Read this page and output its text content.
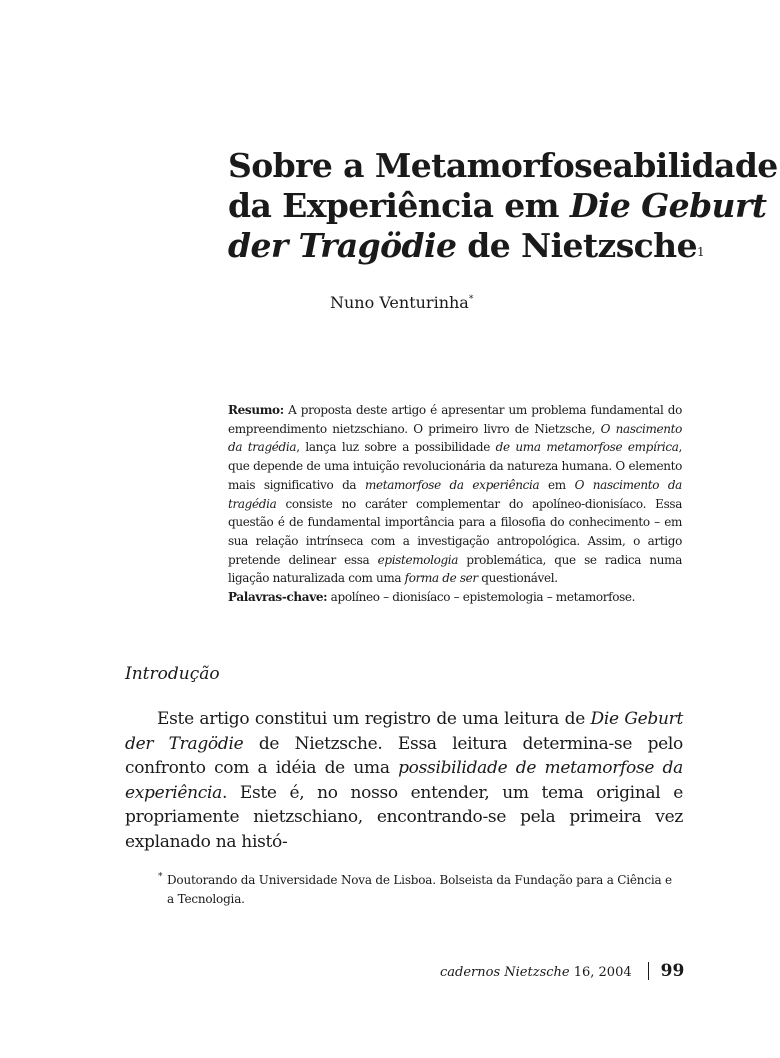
Sobre a Metamorfoseabilidade
da Experiência em Die Geburt
der Tragödie de Nietzsche$^1$
Nuno Venturinha*

Resumo: A proposta deste artigo é apresentar um problema fundamental do empreendimento nietzschiano. O primeiro livro de Nietzsche, O nascimento da tragédia, lança luz sobre a possibilidade de uma metamorfose empírica, que depende de uma intuição revolucionária da natureza humana. O elemento mais significativo da metamorfose da experiência em O nascimento da tragédia consiste no caráter complementar do apolíneo-dionisíaco. Essa questão é de fundamental importância para a filosofia do conhecimento – em sua relação intrínseca com a investigação antropológica. Assim, o artigo pretende delinear essa epistemologia problemática, que se radica numa ligação naturalizada com uma forma de ser questionável.

Palavras-chave: apolíneo – dionisíaco – epistemologia – metamorfose.

Introdução

Este artigo constitui um registro de uma leitura de Die Geburt der Tragödie de Nietzsche. Essa leitura determina-se pelo confronto com a idéia de uma possibilidade de metamorfose da experiência. Este é, no nosso entender, um tema original e propriamente nietzschiano, encontrando-se pela primeira vez explanado na histó-

* Doutorando da Universidade Nova de Lisboa. Bolseista da Fundação para a Ciência e a Tecnologia.

cadernos Nietzsche 16, 2004 99
